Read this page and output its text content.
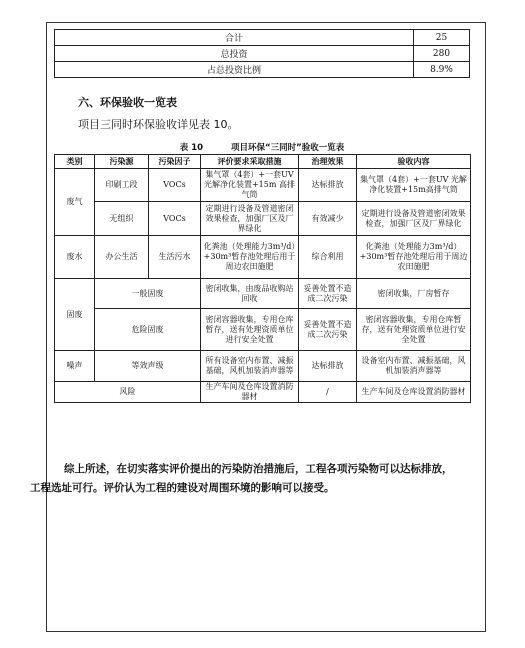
合计	25
总投资	280
占总投资比例	8.9%
六、环保验收一览表
项目三同时环保验收详见表 10。
表 10	项目环保“三同时”验收一览表
类别	污染源	污染因子	评价要求采取措施	治理效果	验收内容
废气	印刷工段	VOCs	集气罩（4套）+一套UV 光解净化装置+15m 高排气筒	达标排放	集气罩（4套）+一套UV 光解净化装置+15m高排气筒
	无组织	VOCs	定期进行设备及管道密闭效果检查，加强厂区及厂界绿化	有效减少	定期进行设备及管道密闭效果检查，加强厂区及厂界绿化
废水	办公生活	生活污水	化粪池（处理能力3m³/d）+30m³暂存池处理后用于周边农田施肥	综合利用	化粪池（处理能力3m³/d）+30m³暂存池处理后用于周边农田施肥
固废	一般固废		密闭收集，由废品收购站回收	妥善处置不造成二次污染	密闭收集，厂房暂存
	危险固废		密闭容器收集，专用仓库暂存，送有处理资质单位进行安全处置	妥善处置不造成二次污染	密闭容器收集，专用仓库暂存，送有处理资质单位进行安全处置
噪声	等效声级		所有设备室内布置、减振基础，风机加装消声器等	达标排放	设备室内布置、减振基础，风机加装消声器等
风险			生产车间及仓库设置消防器材	/	生产车间及仓库设置消防器材
综上所述，在切实落实评价提出的污染防治措施后，工程各项污染物可以达标排放，
工程选址可行。评价认为工程的建设对周围环境的影响可以接受。
